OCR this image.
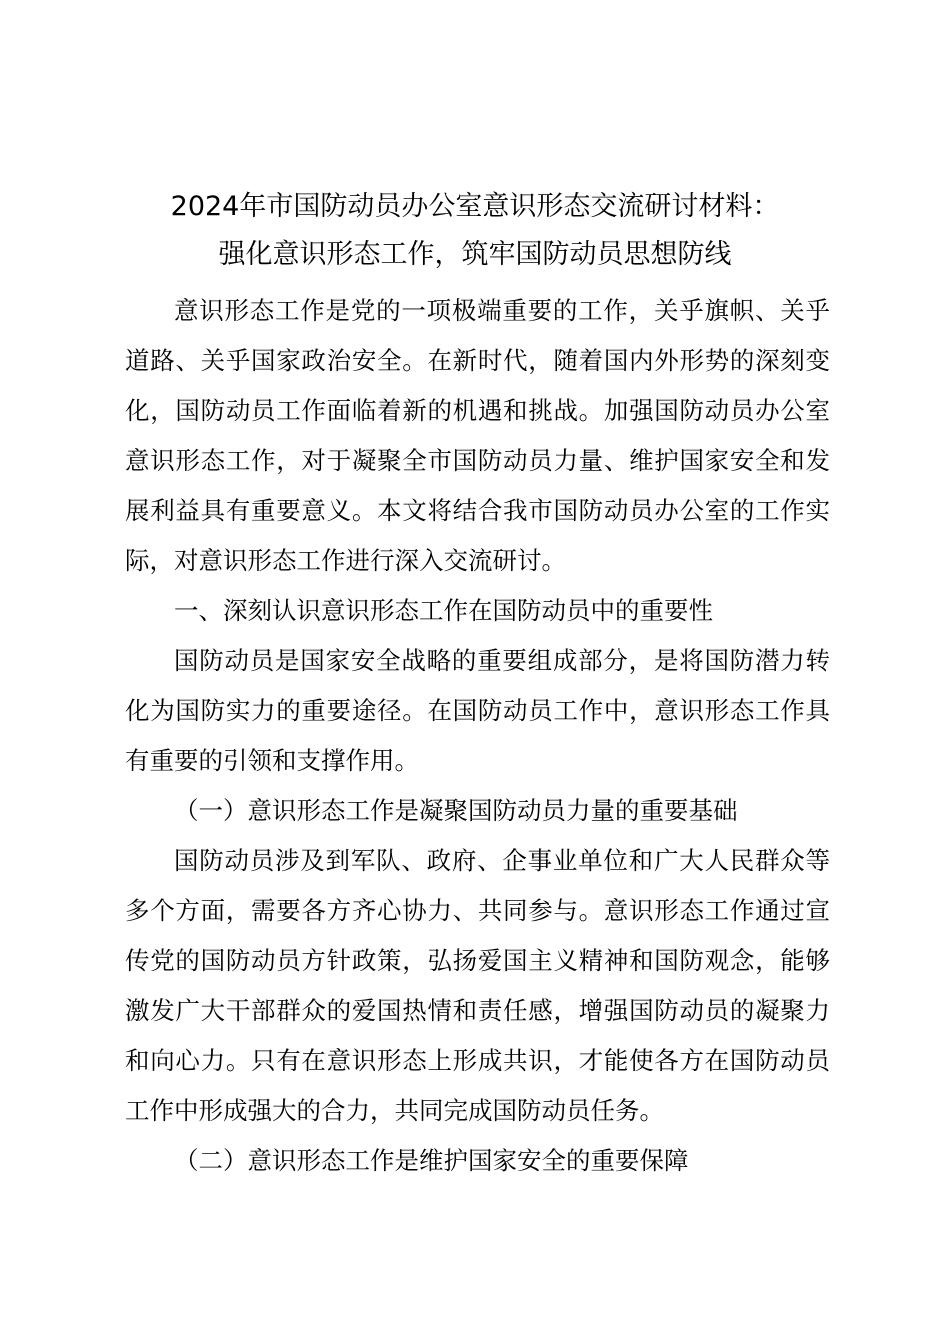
2024年市国防动员办公室意识形态交流研讨材料：
强化意识形态工作，筑牢国防动员思想防线

意识形态工作是党的一项极端重要的工作，关乎旗帜、关乎道路、关乎国家政治安全。在新时代，随着国内外形势的深刻变化，国防动员工作面临着新的机遇和挑战。加强国防动员办公室意识形态工作，对于凝聚全市国防动员力量、维护国家安全和发展利益具有重要意义。本文将结合我市国防动员办公室的工作实际，对意识形态工作进行深入交流研讨。

一、深刻认识意识形态工作在国防动员中的重要性

国防动员是国家安全战略的重要组成部分，是将国防潜力转化为国防实力的重要途径。在国防动员工作中，意识形态工作具有重要的引领和支撑作用。

（一）意识形态工作是凝聚国防动员力量的重要基础

国防动员涉及到军队、政府、企事业单位和广大人民群众等多个方面，需要各方齐心协力、共同参与。意识形态工作通过宣传党的国防动员方针政策，弘扬爱国主义精神和国防观念，能够激发广大干部群众的爱国热情和责任感，增强国防动员的凝聚力和向心力。只有在意识形态上形成共识，才能使各方在国防动员工作中形成强大的合力，共同完成国防动员任务。

（二）意识形态工作是维护国家安全的重要保障
